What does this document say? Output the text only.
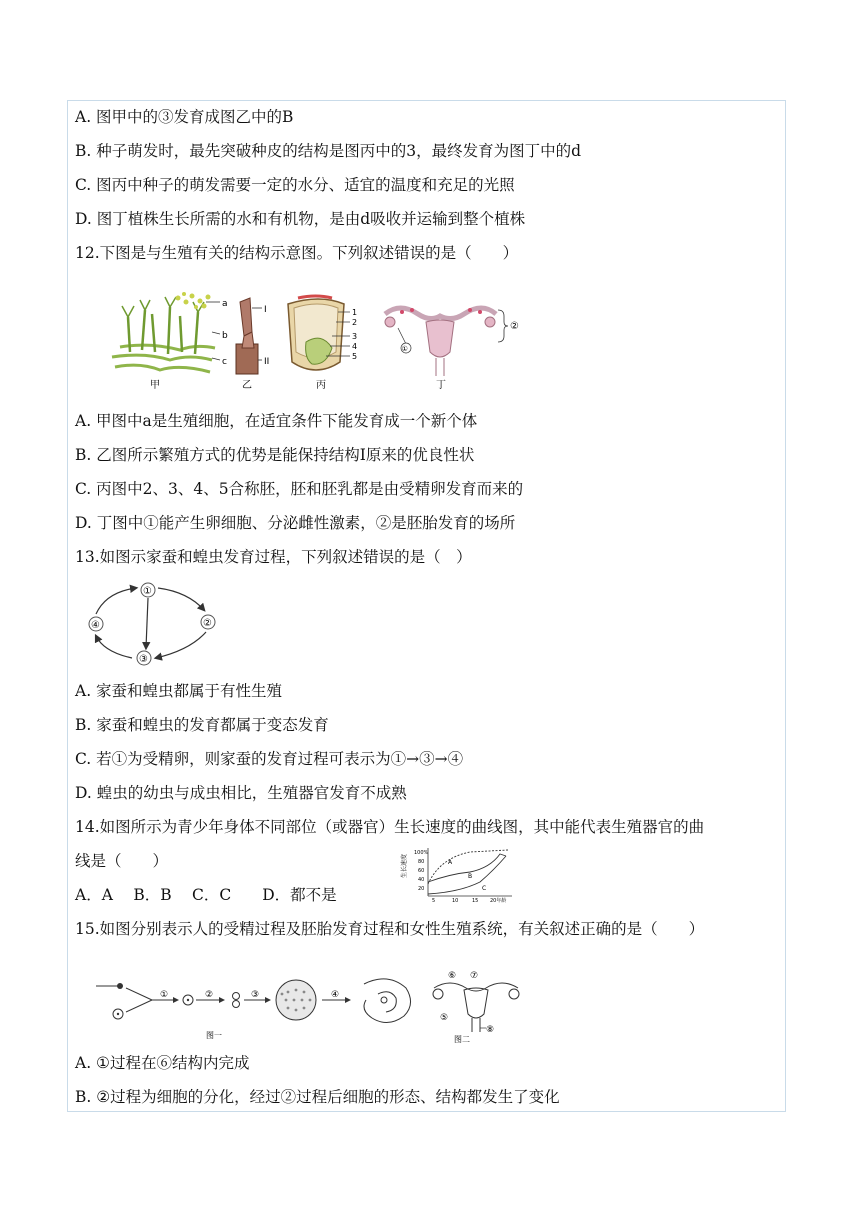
A. 图甲中的③发育成图乙中的B
B. 种子萌发时，最先突破种皮的结构是图丙中的3，最终发育为图丁中的d
C. 图丙中种子的萌发需要一定的水分、适宜的温度和充足的光照
D. 图丁植株生长所需的水和有机物，是由d吸收并运输到整个植株
12.下图是与生殖有关的结构示意图。下列叙述错误的是（　　）
a
b
c
甲
I
II
乙
1
2
3
4
5
丙
①
②
丁
A. 甲图中a是生殖细胞，在适宜条件下能发育成一个新个体
B. 乙图所示繁殖方式的优势是能保持结构I原来的优良性状
C. 丙图中2、3、4、5合称胚，胚和胚乳都是由受精卵发育而来的
D. 丁图中①能产生卵细胞、分泌雌性激素，②是胚胎发育的场所
13.如图示家蚕和蝗虫发育过程，下列叙述错误的是（　）
①
②
③
④
A. 家蚕和蝗虫都属于有性生殖
B. 家蚕和蝗虫的发育都属于变态发育
C. 若①为受精卵，则家蚕的发育过程可表示为①→③→④
D. 蝗虫的幼虫与成虫相比，生殖器官发育不成熟
14.如图所示为青少年身体不同部位（或器官）生长速度的曲线图，其中能代表生殖器官的曲
线是（　　）
A．A　 B．B　 C．C　　D．都不是
生长速度
100%
80
60
40
20
5	10	15 20年龄
A
B
C
15.如图分别表示人的受精过程及胚胎发育过程和女性生殖系统，有关叙述正确的是（　　）
①	②	③	④
图一
⑥ ⑦
⑤
⑧
图二
A. ①过程在⑥结构内完成
B. ②过程为细胞的分化，经过②过程后细胞的形态、结构都发生了变化
